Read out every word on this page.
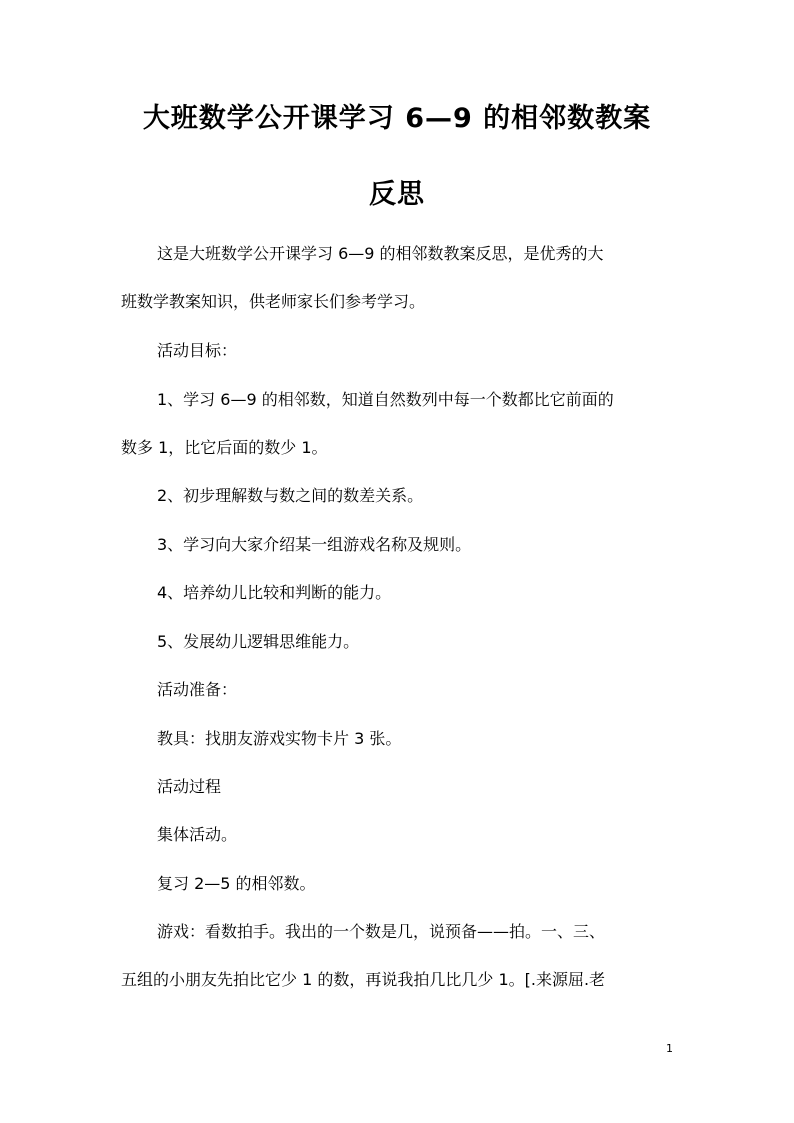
大班数学公开课学习 6—9 的相邻数教案
反思
这是大班数学公开课学习 6—9 的相邻数教案反思，是优秀的大
班数学教案知识，供老师家长们参考学习。
活动目标：
1、学习 6—9 的相邻数，知道自然数列中每一个数都比它前面的
数多 1，比它后面的数少 1。
2、初步理解数与数之间的数差关系。
3、学习向大家介绍某一组游戏名称及规则。
4、培养幼儿比较和判断的能力。
5、发展幼儿逻辑思维能力。
活动准备：
教具：找朋友游戏实物卡片 3 张。
活动过程
集体活动。
复习 2—5 的相邻数。
游戏：看数拍手。我出的一个数是几，说预备——拍。一、三、
五组的小朋友先拍比它少 1 的数，再说我拍几比几少 1。[.来源屈.老
1
